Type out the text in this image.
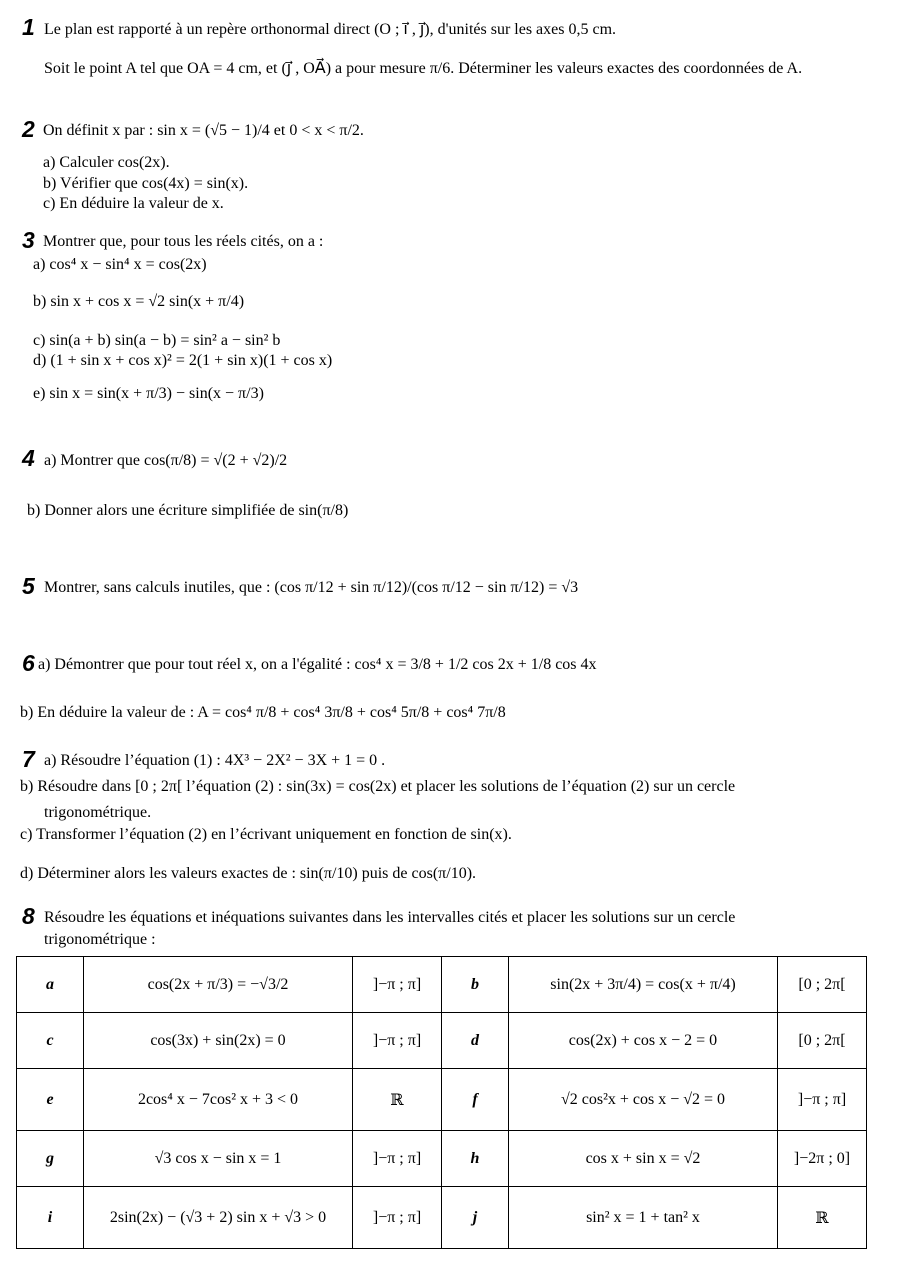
1 Le plan est rapporté à un repère orthonormal direct (O ; i⃗ , j⃗), d'unités sur les axes 0,5 cm.
Soit le point A tel que OA = 4 cm, et (j⃗ , OA⃗) a pour mesure π/6. Déterminer les valeurs exactes des coordonnées de A.
2 On définit x par : sin x = (√5 − 1)/4 et 0 < x < π/2.
a) Calculer cos(2x).
b) Vérifier que cos(4x) = sin(x).
c) En déduire la valeur de x.
3 Montrer que, pour tous les réels cités, on a :
a) cos⁴ x − sin⁴ x = cos(2x)
b) sin x + cos x = √2 sin(x + π/4)
c) sin(a + b) sin(a − b) = sin² a − sin² b
d) (1 + sin x + cos x)² = 2(1 + sin x)(1 + cos x)
e) sin x = sin(x + π/3) − sin(x − π/3)
4 a) Montrer que cos(π/8) = √(2 + √2)/2
b) Donner alors une écriture simplifiée de sin(π/8)
5 Montrer, sans calculs inutiles, que : (cos π/12 + sin π/12)/(cos π/12 − sin π/12) = √3
6 a) Démontrer que pour tout réel x, on a l'égalité : cos⁴ x = 3/8 + 1/2 cos 2x + 1/8 cos 4x
b) En déduire la valeur de : A = cos⁴ π/8 + cos⁴ 3π/8 + cos⁴ 5π/8 + cos⁴ 7π/8
7 a) Résoudre l’équation (1) : 4X³ − 2X² − 3X + 1 = 0 .
b) Résoudre dans [0 ; 2π[ l’équation (2) : sin(3x) = cos(2x) et placer les solutions de l’équation (2) sur un cercle
trigonométrique.
c) Transformer l’équation (2) en l’écrivant uniquement en fonction de sin(x).
d) Déterminer alors les valeurs exactes de : sin(π/10) puis de cos(π/10).
8 Résoudre les équations et inéquations suivantes dans les intervalles cités et placer les solutions sur un cercle
trigonométrique :
a	cos(2x + π/3) = −√3/2	]−π ; π]	b	sin(2x + 3π/4) = cos(x + π/4)	[0 ; 2π[
c	cos(3x) + sin(2x) = 0	]−π ; π]	d	cos(2x) + cos x − 2 = 0	[0 ; 2π[
e	2cos⁴ x − 7cos² x + 3 < 0	ℝ	f	√2 cos²x + cos x − √2 = 0	]−π ; π]
g	√3 cos x − sin x = 1	]−π ; π]	h	cos x + sin x = √2	]−2π ; 0]
i	2sin(2x) − (√3 + 2) sin x + √3 > 0	]−π ; π]	j	sin² x = 1 + tan² x	ℝ
